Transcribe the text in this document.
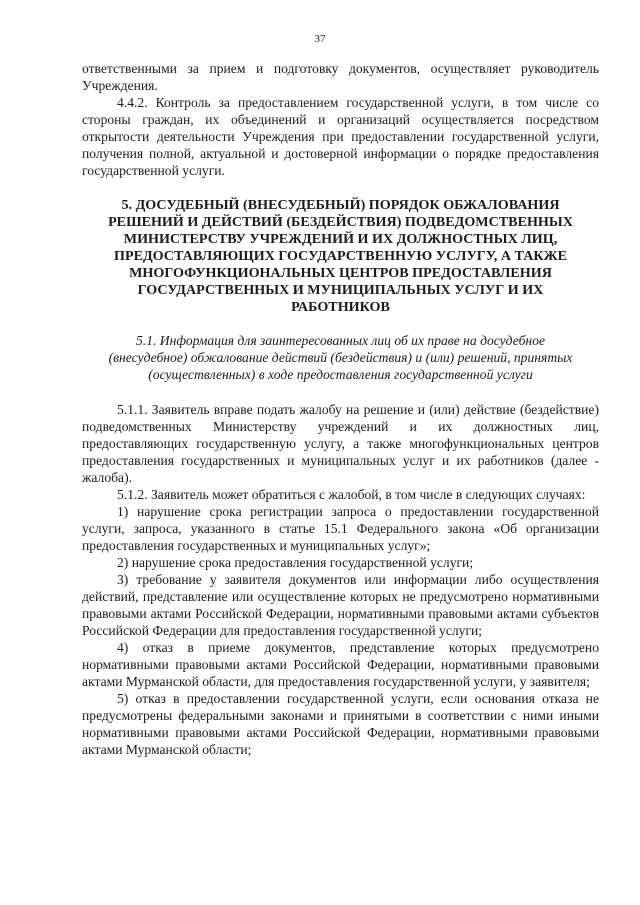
37

ответственными за прием и подготовку документов, осуществляет руководитель Учреждения.

4.4.2. Контроль за предоставлением государственной услуги, в том числе со стороны граждан, их объединений и организаций осуществляется посредством открытости деятельности Учреждения при предоставлении государственной услуги, получения полной, актуальной и достоверной информации о порядке предоставления государственной услуги.

5. ДОСУДЕБНЫЙ (ВНЕСУДЕБНЫЙ) ПОРЯДОК ОБЖАЛОВАНИЯ
РЕШЕНИЙ И ДЕЙСТВИЙ (БЕЗДЕЙСТВИЯ) ПОДВЕДОМСТВЕННЫХ
МИНИСТЕРСТВУ УЧРЕЖДЕНИЙ И ИХ ДОЛЖНОСТНЫХ ЛИЦ,
ПРЕДОСТАВЛЯЮЩИХ ГОСУДАРСТВЕННУЮ УСЛУГУ, А ТАКЖЕ
МНОГОФУНКЦИОНАЛЬНЫХ ЦЕНТРОВ ПРЕДОСТАВЛЕНИЯ
ГОСУДАРСТВЕННЫХ И МУНИЦИПАЛЬНЫХ УСЛУГ И ИХ
РАБОТНИКОВ
5.1. Информация для заинтересованных лиц об их праве на досудебное
(внесудебное) обжалование действий (бездействия) и (или) решений, принятых
(осуществленных) в ходе предоставления государственной услуги

5.1.1. Заявитель вправе подать жалобу на решение и (или) действие (бездействие) подведомственных Министерству учреждений и их должностных лиц, предоставляющих государственную услугу, а также многофункциональных центров предоставления государственных и муниципальных услуг и их работников (далее - жалоба).

5.1.2. Заявитель может обратиться с жалобой, в том числе в следующих случаях:

1) нарушение срока регистрации запроса о предоставлении государственной услуги, запроса, указанного в статье 15.1 Федерального закона «Об организации предоставления государственных и муниципальных услуг»;

2) нарушение срока предоставления государственной услуги;

3) требование у заявителя документов или информации либо осуществления действий, представление или осуществление которых не предусмотрено нормативными правовыми актами Российской Федерации, нормативными правовыми актами субъектов Российской Федерации для предоставления государственной услуги;

4) отказ в приеме документов, представление которых предусмотрено нормативными правовыми актами Российской Федерации, нормативными правовыми актами Мурманской области, для предоставления государственной услуги, у заявителя;

5) отказ в предоставлении государственной услуги, если основания отказа не предусмотрены федеральными законами и принятыми в соответствии с ними иными нормативными правовыми актами Российской Федерации, нормативными правовыми актами Мурманской области;
